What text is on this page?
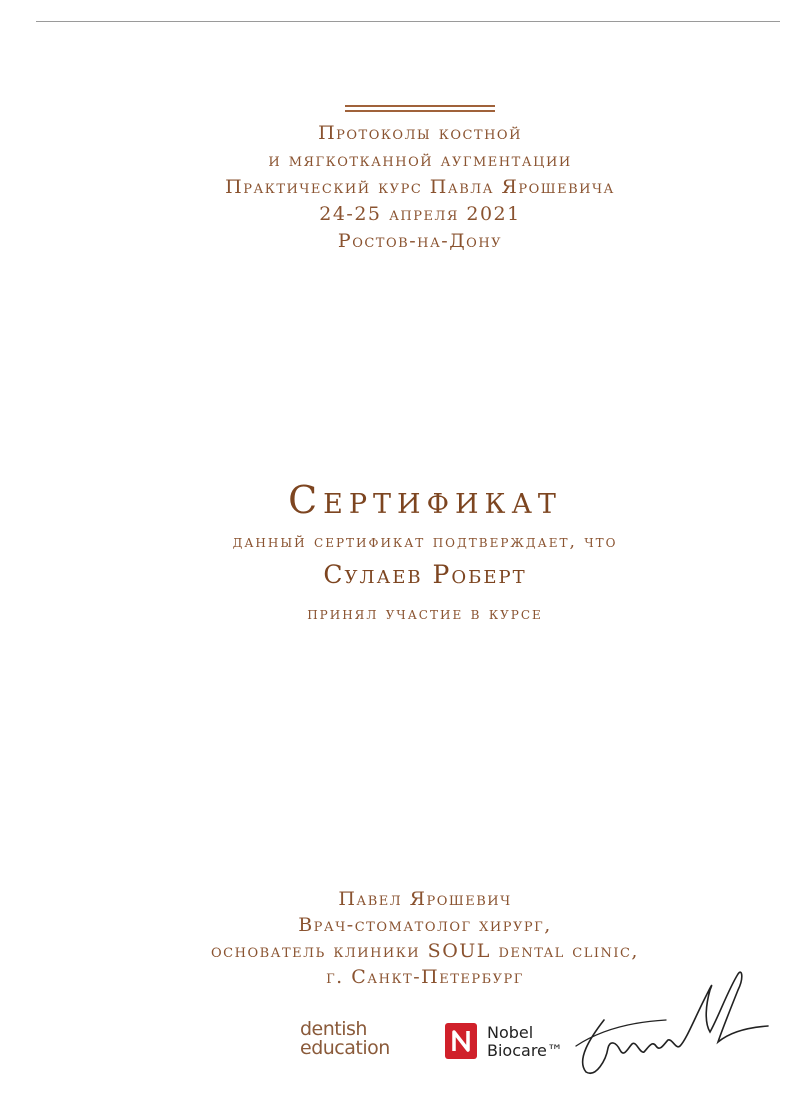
Протоколы костной
и мягкотканной аугментации
Практический курс Павла Ярошевича
24-25 апреля 2021
Ростов-на-Дону
Сертификат
данный сертификат подтверждает, что
Сулаев Роберт
принял участие в курсе
Павел Ярошевич
Врач-стоматолог хирург,
основатель клиники SOUL dental clinic,
г. Санкт-Петербург
dentish
education
Nobel
Biocare™
